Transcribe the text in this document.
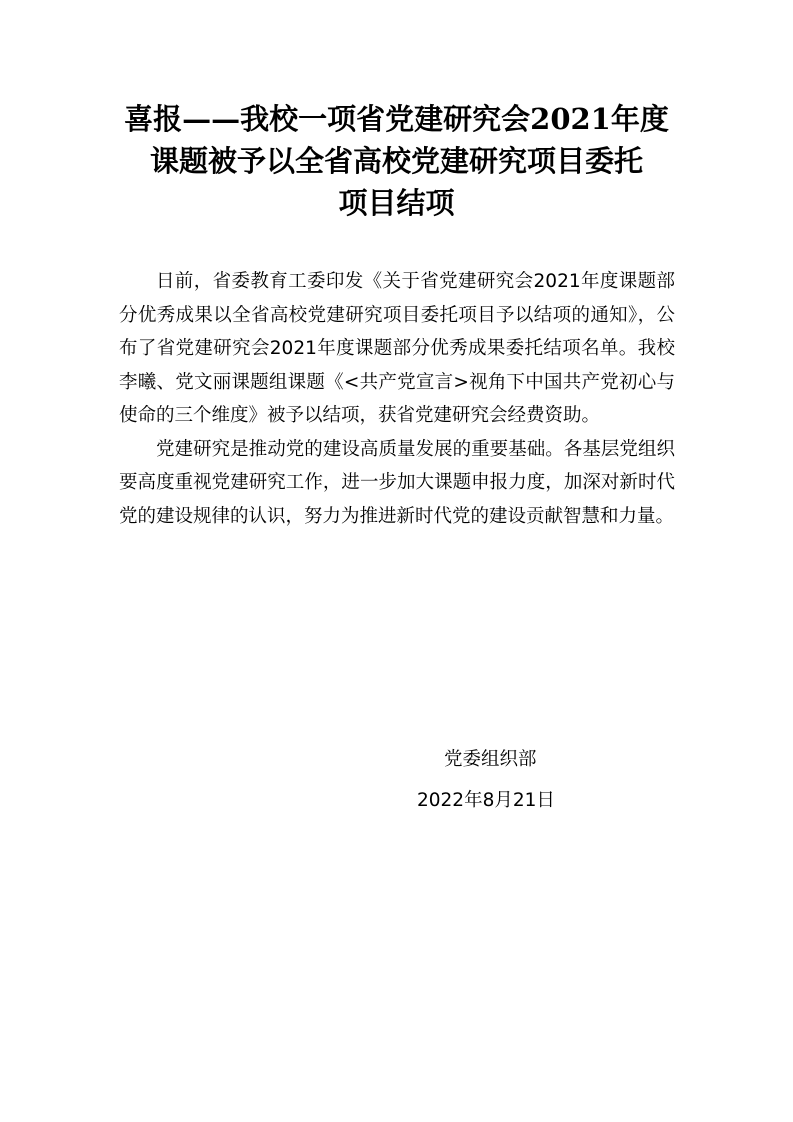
喜报——我校一项省党建研究会2021年度
课题被予以全省高校党建研究项目委托
项目结项

日前，省委教育工委印发《关于省党建研究会2021年度课题部分优秀成果以全省高校党建研究项目委托项目予以结项的通知》，公布了省党建研究会2021年度课题部分优秀成果委托结项名单。我校李曦、党文丽课题组课题《<共产党宣言>视角下中国共产党初心与使命的三个维度》被予以结项，获省党建研究会经费资助。

党建研究是推动党的建设高质量发展的重要基础。各基层党组织要高度重视党建研究工作，进一步加大课题申报力度，加深对新时代党的建设规律的认识，努力为推进新时代党的建设贡献智慧和力量。

党委组织部
2022年8月21日
